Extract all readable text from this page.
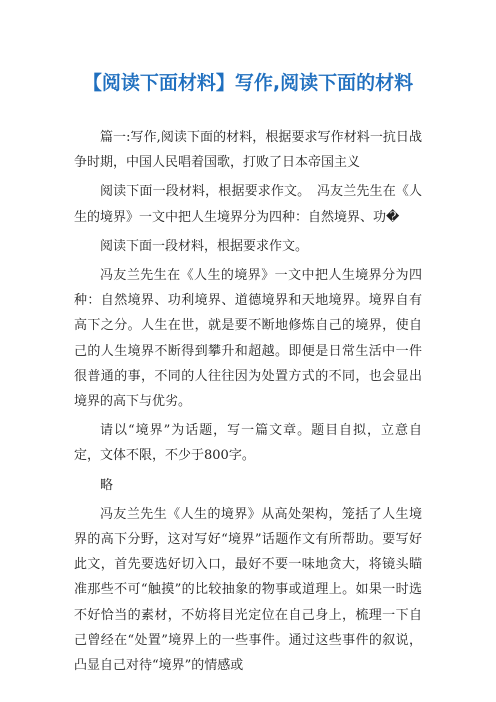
【阅读下面材料】写作,阅读下面的材料

篇一:写作,阅读下面的材料，根据要求写作材料一抗日战争时期，中国人民唱着国歌，打败了日本帝国主义

阅读下面一段材料，根据要求作文。　冯友兰先生在《人生的境界》一文中把人生境界分为四种：自然境界、功�

阅读下面一段材料，根据要求作文。

冯友兰先生在《人生的境界》一文中把人生境界分为四种：自然境界、功利境界、道德境界和天地境界。境界自有高下之分。人生在世，就是要不断地修炼自己的境界，使自己的人生境界不断得到攀升和超越。即便是日常生活中一件很普通的事，不同的人往往因为处置方式的不同，也会显出境界的高下与优劣。

请以“境界”为话题，写一篇文章。题目自拟，立意自定，文体不限，不少于800字。

略

冯友兰先生《人生的境界》从高处架构，笼括了人生境界的高下分野，这对写好“境界”话题作文有所帮助。要写好此文，首先要选好切入口，最好不要一味地贪大，将镜头瞄准那些不可“触摸”的比较抽象的物事或道理上。如果一时选不好恰当的素材，不妨将目光定位在自己身上，梳理一下自己曾经在“处置”境界上的一些事件。通过这些事件的叙说，凸显自己对待“境界”的情感或
